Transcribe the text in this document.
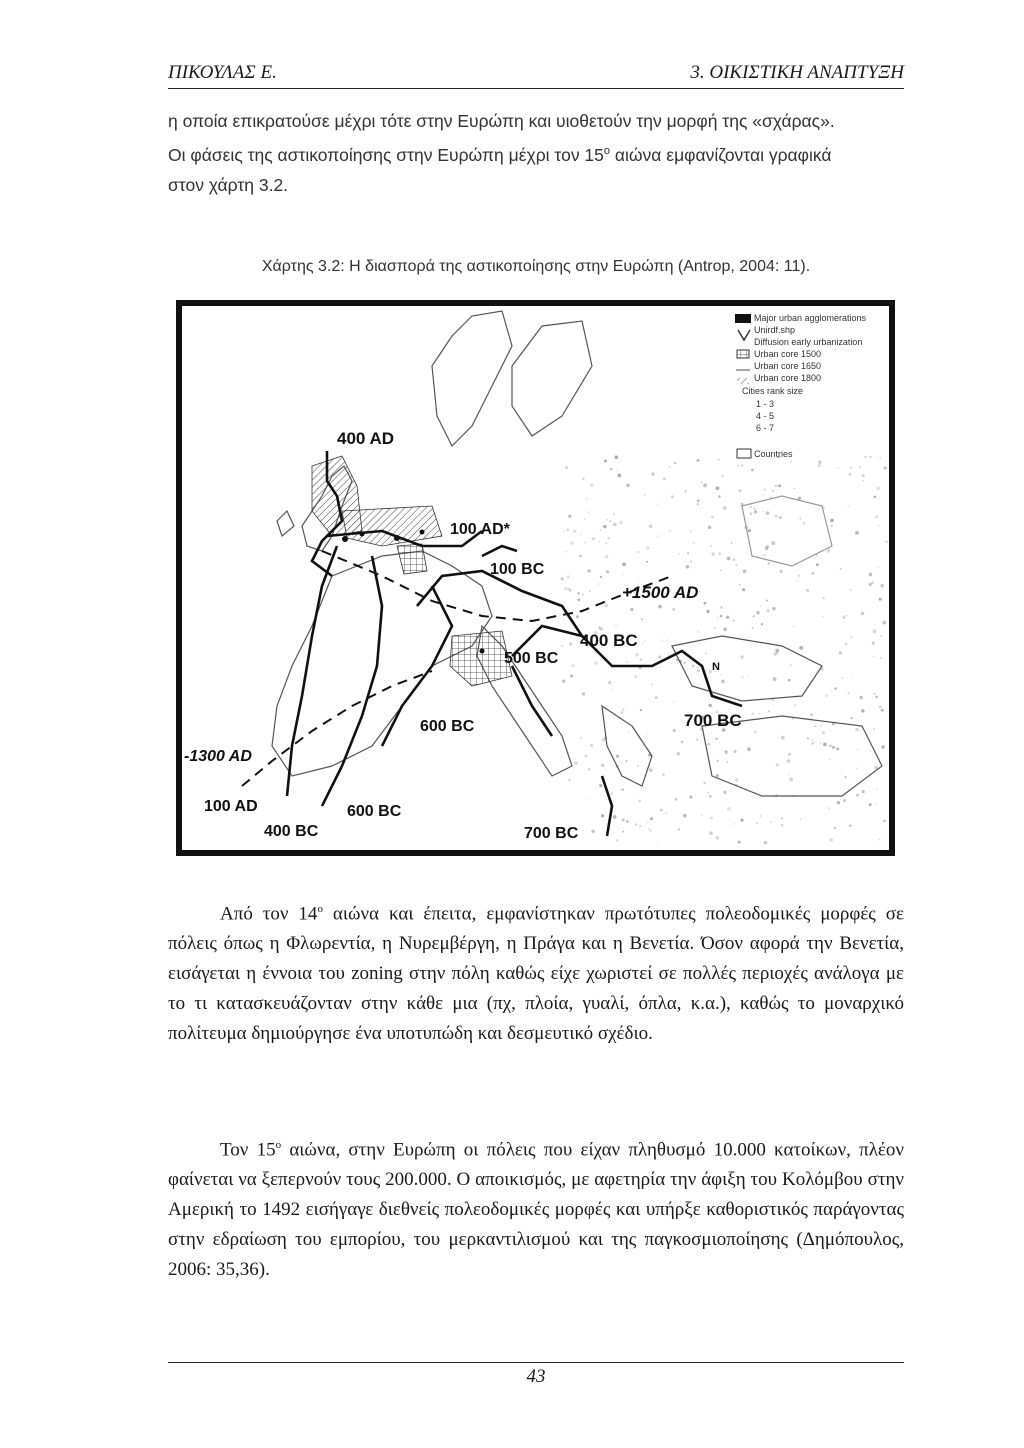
ΠΙΚΟΥΛΑΣ Ε.	3. ΟΙΚΙΣΤΙΚΗ ΑΝΑΠΤΥΞΗ
η οποία επικρατούσε μέχρι τότε στην Ευρώπη και υιοθετούν την μορφή της «σχάρας».
Οι φάσεις της αστικοποίησης στην Ευρώπη μέχρι τον $15^o$ αιώνα εμφανίζονται γραφικά
στον χάρτη 3.2.
Χάρτης 3.2: Η διασπορά της αστικοποίησης στην Ευρώπη (Antrop, 2004: 11).
400 AD
100 AD*
100 BC
+1500 AD
400 BC
500 BC
600 BC	700 BC
-1300 AD
100 AD	600 BC
400 BC	700 BC
N
Major urban agglomerations
Unirdf.shp
Diffusion early urbanization
Urban core 1500
Urban core 1650
Urban core 1800
Cities rank size
1 - 3
4 - 5
6 - 7
Countries
Από τον $14^o$ αιώνα και έπειτα, εμφανίστηκαν πρωτότυπες πολεοδομικές μορφές σε πόλεις όπως η Φλωρεντία, η Νυρεμβέργη, η Πράγα και η Βενετία. Όσον αφορά την Βενετία, εισάγεται η έννοια του zoning στην πόλη καθώς είχε χωριστεί σε πολλές περιοχές ανάλογα με το τι κατασκευάζονταν στην κάθε μια (πχ, πλοία, γυαλί, όπλα, κ.α.), καθώς το μοναρχικό πολίτευμα δημιούργησε ένα υποτυπώδη και δεσμευτικό σχέδιο.
Τον $15^o$ αιώνα, στην Ευρώπη οι πόλεις που είχαν πληθυσμό 10.000 κατοίκων, πλέον φαίνεται να ξεπερνούν τους 200.000. Ο αποικισμός, με αφετηρία την άφιξη του Κολόμβου στην Αμερική το 1492 εισήγαγε διεθνείς πολεοδομικές μορφές και υπήρξε καθοριστικός παράγοντας στην εδραίωση του εμπορίου, του μερκαντιλισμού και της παγκοσμιοποίησης (Δημόπουλος, 2006: 35,36).
43
